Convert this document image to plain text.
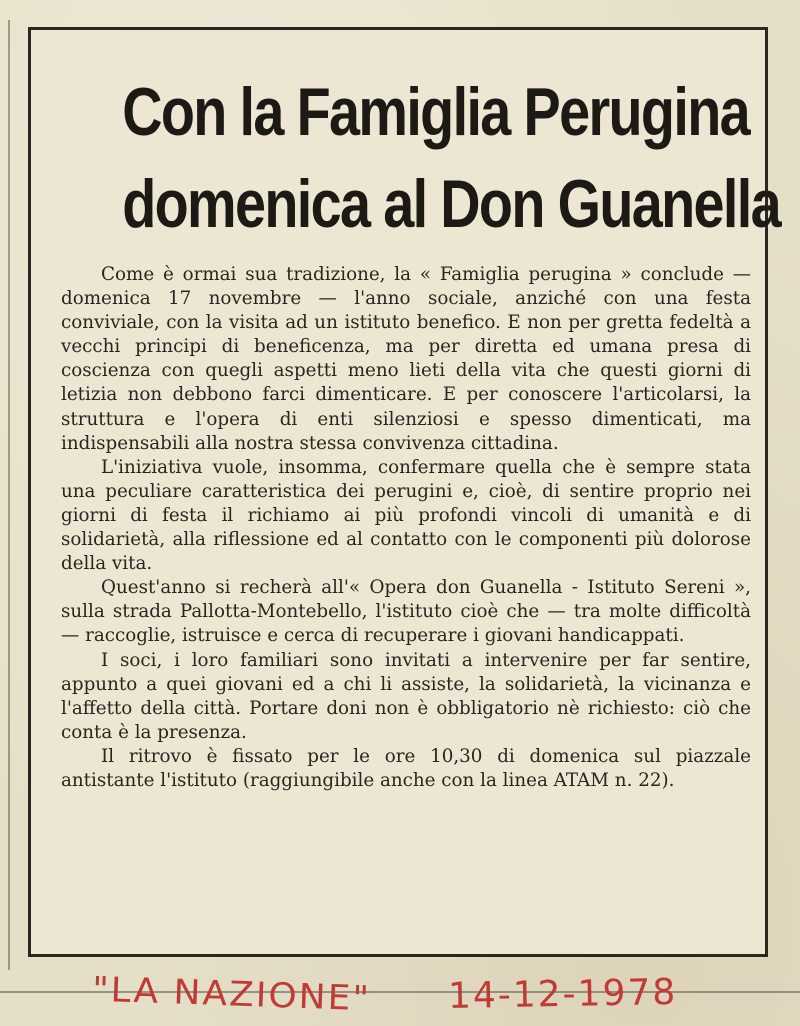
Con la Famiglia Perugina
domenica al Don Guanella

Come è ormai sua tradizione, la « Famiglia perugina » conclude — domenica 17 novembre — l'anno sociale, anziché con una festa conviviale, con la visita ad un istituto benefico. E non per gretta fedeltà a vecchi principi di beneficenza, ma per diretta ed umana presa di coscienza con quegli aspetti meno lieti della vita che questi giorni di letizia non debbono farci dimenticare. E per conoscere l'articolarsi, la struttura e l'opera di enti silenziosi e spesso dimenticati, ma indispensabili alla nostra stessa convivenza cittadina.

L'iniziativa vuole, insomma, confermare quella che è sempre stata una peculiare caratteristica dei perugini e, cioè, di sentire proprio nei giorni di festa il richiamo ai più profondi vincoli di umanità e di solidarietà, alla riflessione ed al contatto con le componenti più dolorose della vita.

Quest'anno si recherà all'« Opera don Guanella - Istituto Sereni », sulla strada Pallotta-Montebello, l'istituto cioè che — tra molte difficoltà — raccoglie, istruisce e cerca di recuperare i giovani handicappati.

I soci, i loro familiari sono invitati a intervenire per far sentire, appunto a quei giovani ed a chi li assiste, la solidarietà, la vicinanza e l'affetto della città. Portare doni non è obbligatorio nè richiesto: ciò che conta è la presenza.

Il ritrovo è fissato per le ore 10,30 di domenica sul piazzale antistante l'istituto (raggiungibile anche con la linea ATAM n. 22).

"LA NAZIONE" 14-12-1978
